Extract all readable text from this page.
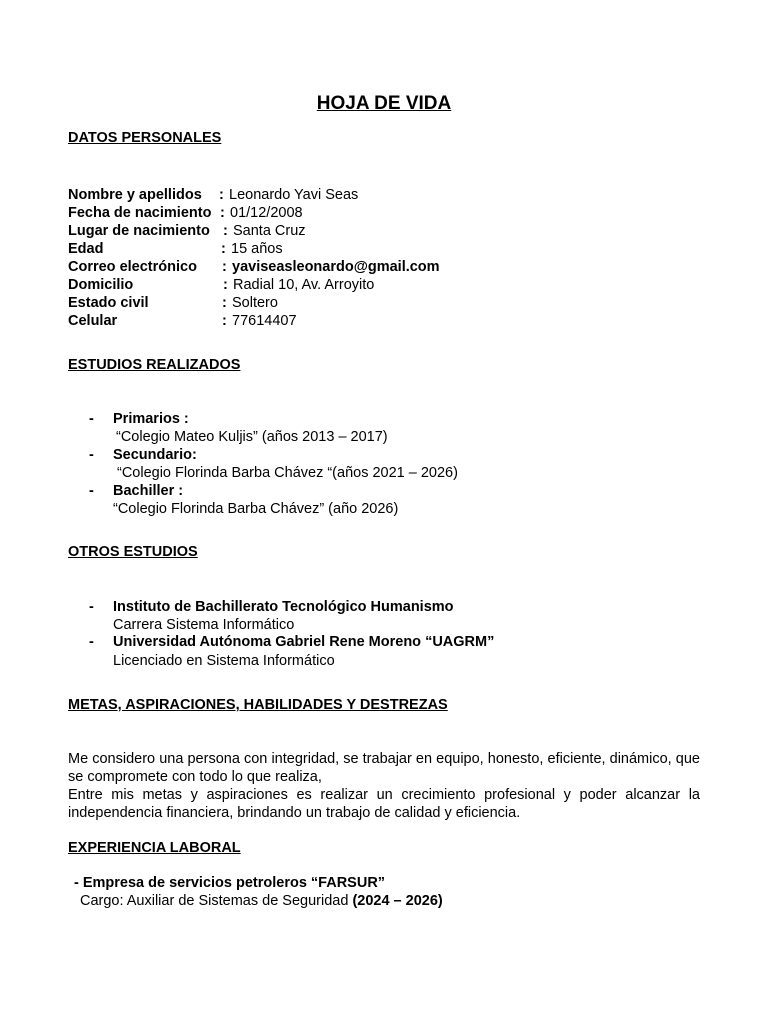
HOJA DE VIDA
DATOS PERSONALES
Nombre y apellidos : Leonardo Yavi Seas
Fecha de nacimiento : 01/12/2008
Lugar de nacimiento : Santa Cruz
Edad	: 15 años
Correo electrónico : yaviseasleonardo@gmail.com
Domicilio	: Radial 10, Av. Arroyito
Estado civil	: Soltero
Celular	: 77614407
ESTUDIOS REALIZADOS
- Primarios :
“Colegio Mateo Kuljis” (años 2013 – 2017)
- Secundario:
“Colegio Florinda Barba Chávez “(años 2021 – 2026)
- Bachiller :
“Colegio Florinda Barba Chávez” (año 2026)
OTROS ESTUDIOS
- Instituto de Bachillerato Tecnológico Humanismo
Carrera Sistema Informático
- Universidad Autónoma Gabriel Rene Moreno “UAGRM”
Licenciado en Sistema Informático
METAS, ASPIRACIONES, HABILIDADES Y DESTREZAS

Me considero una persona con integridad, se trabajar en equipo, honesto, eficiente, dinámico, que se compromete con todo lo que realiza,

Entre mis metas y aspiraciones es realizar un crecimiento profesional y poder alcanzar la independencia financiera, brindando un trabajo de calidad y eficiencia.

EXPERIENCIA LABORAL
- Empresa de servicios petroleros “FARSUR”
Cargo: Auxiliar de Sistemas de Seguridad (2024 – 2026)
